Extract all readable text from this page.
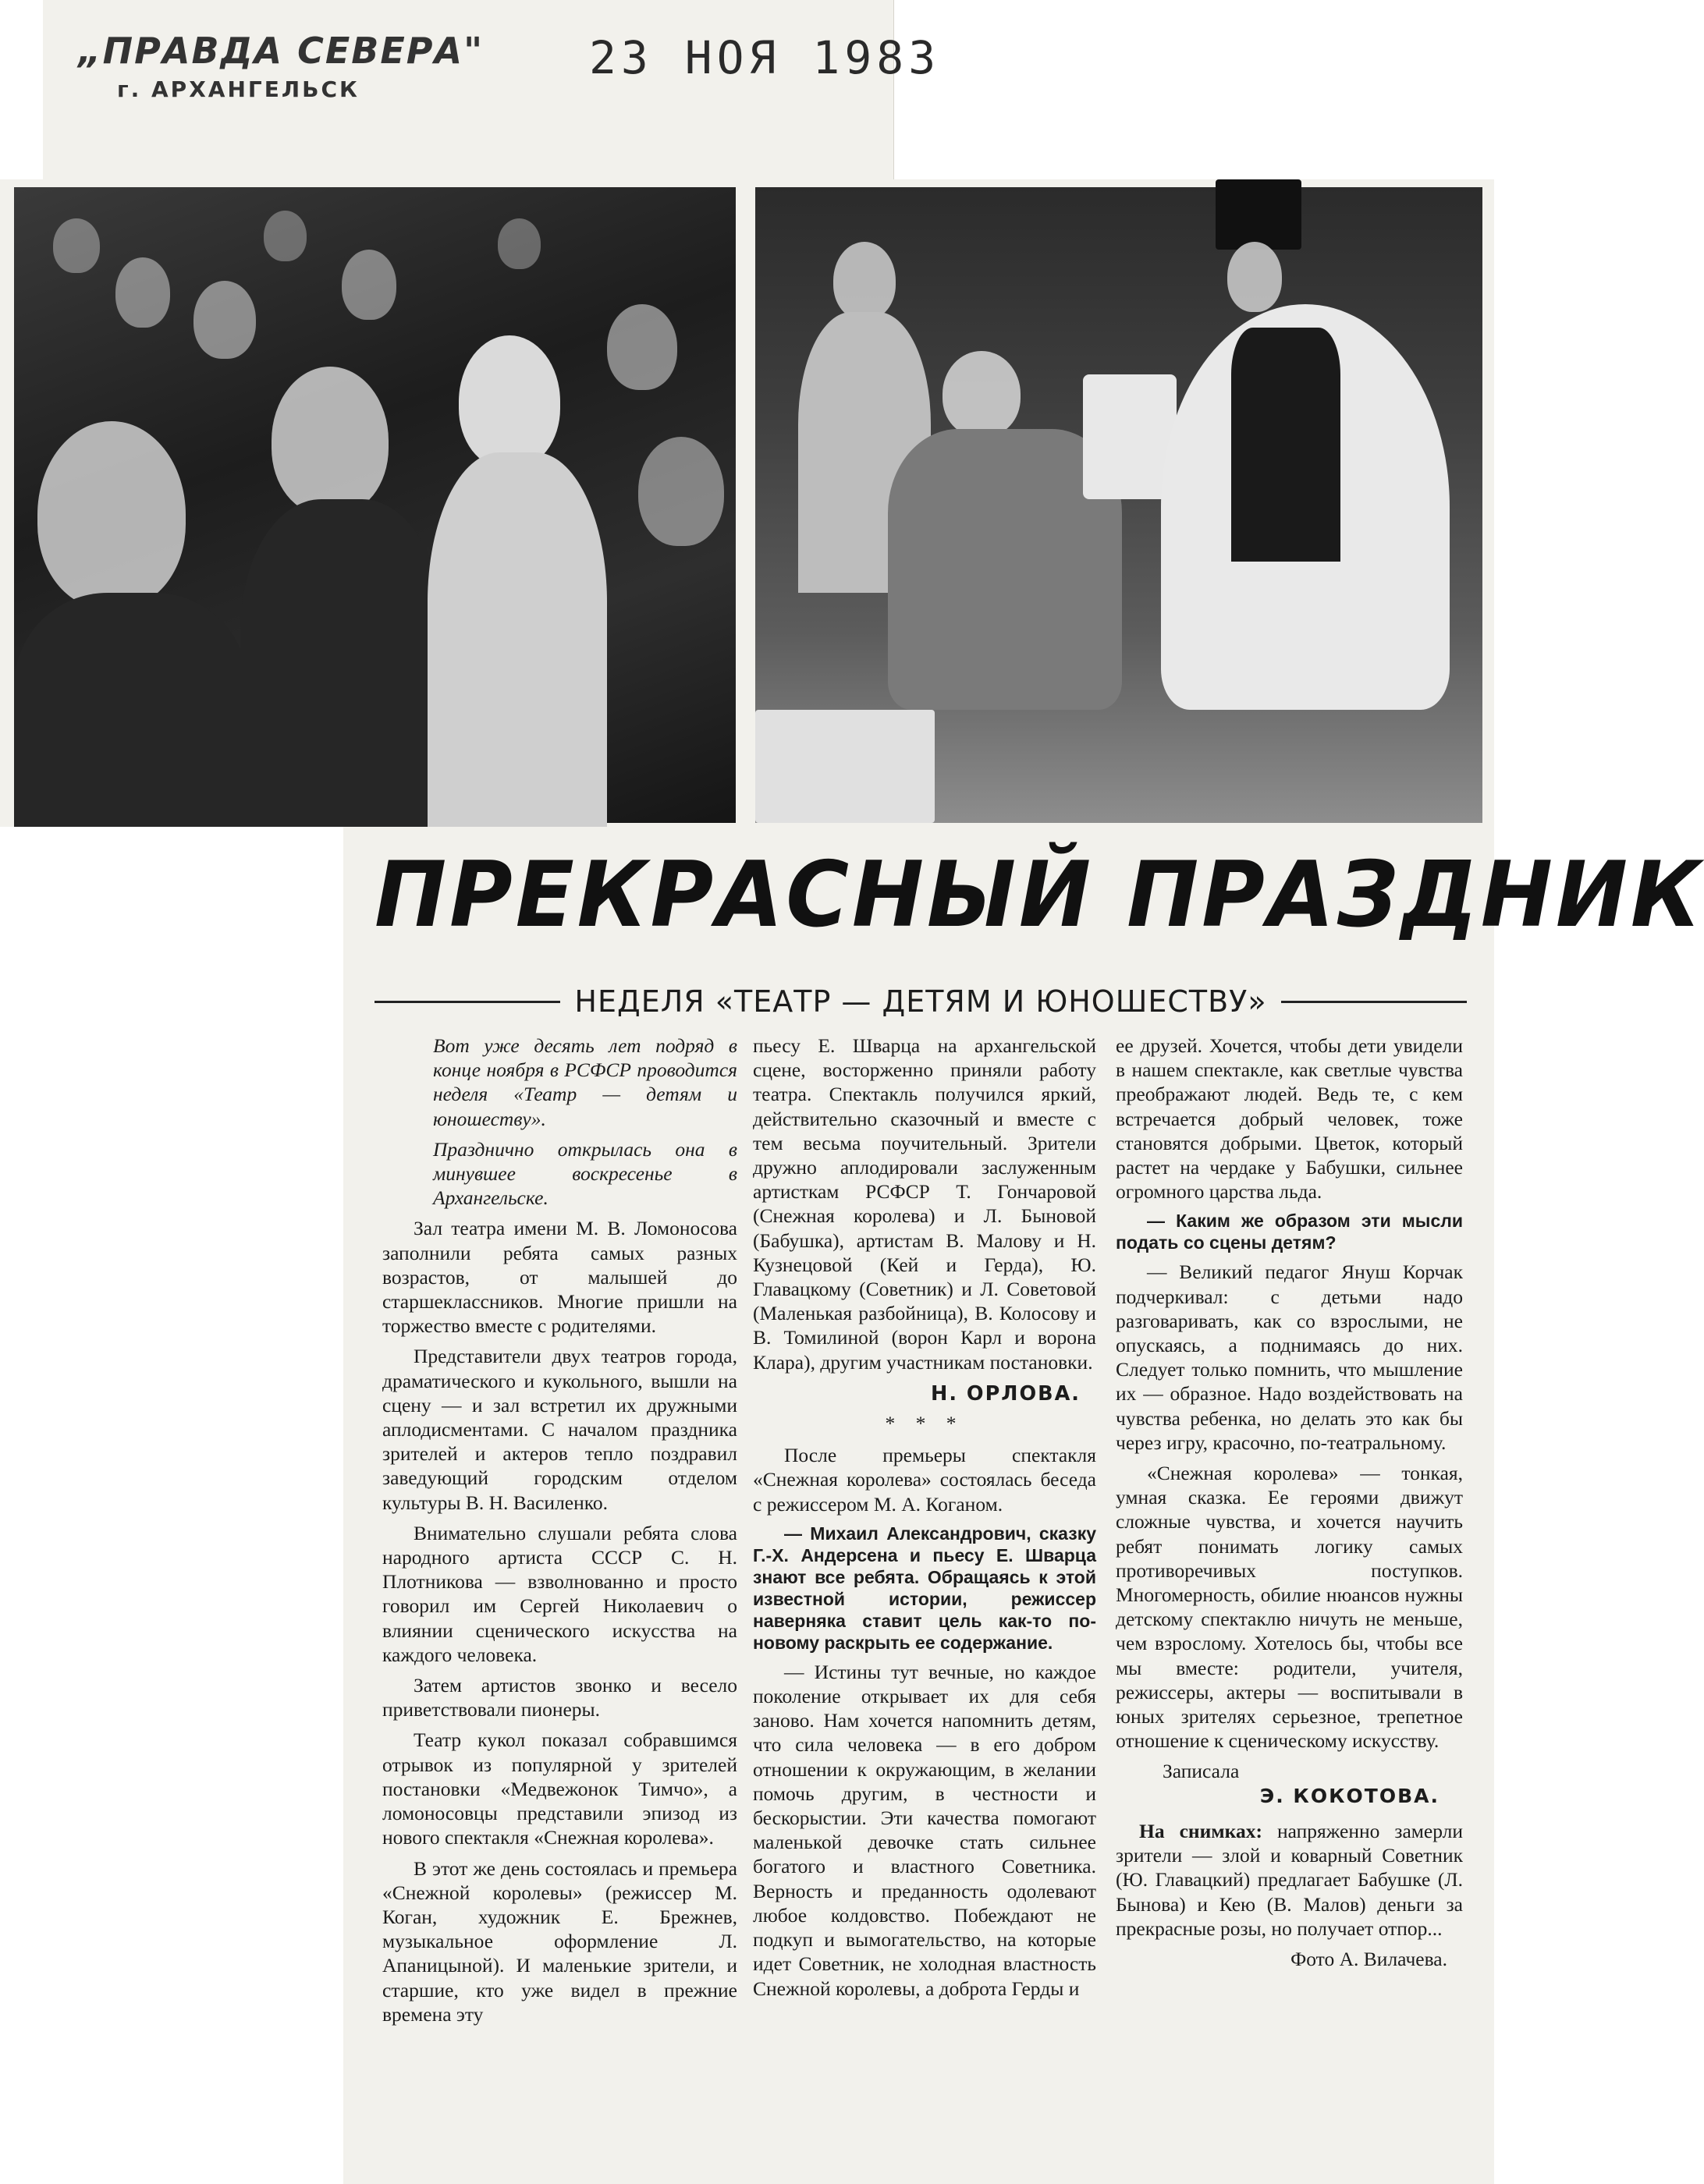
„ПРАВДА СЕВЕРА"
г. АРХАНГЕЛЬСК
23 НОЯ 1983
ПРЕКРАСНЫЙ ПРАЗДНИК
НЕДЕЛЯ «ТЕАТР — ДЕТЯМ И ЮНОШЕСТВУ»

Вот уже десять лет подряд в конце ноября в РСФСР проводится неделя «Театр — детям и юношеству».

Празднично открылась она в минувшее воскресенье в Архангельске.

Зал театра имени М. В. Ломоносова заполнили ребята самых разных возрастов, от малышей до старшеклассников. Многие пришли на торжество вместе с родителями.

Представители двух театров города, драматического и кукольного, вышли на сцену — и зал встретил их дружными аплодисментами. С началом праздника зрителей и актеров тепло поздравил заведующий городским отделом культуры В. Н. Василенко.

Внимательно слушали ребята слова народного артиста СССР С. Н. Плотникова — взволнованно и просто говорил им Сергей Николаевич о влиянии сценического искусства на каждого человека.

Затем артистов звонко и весело приветствовали пионеры.

Театр кукол показал собравшимся отрывок из популярной у зрителей постановки «Медвежонок Тимчо», а ломоносовцы представили эпизод из нового спектакля «Снежная королева».

В этот же день состоялась и премьера «Снежной королевы» (режиссер М. Коган, художник Е. Брежнев, музыкальное оформление Л. Апаницыной). И маленькие зрители, и старшие, кто уже видел в прежние времена эту

пьесу Е. Шварца на архангельской сцене, восторженно приняли работу театра. Спектакль получился яркий, действительно сказочный и вместе с тем весьма поучительный. Зрители дружно аплодировали заслуженным артисткам РСФСР Т. Гончаровой (Снежная королева) и Л. Быновой (Бабушка), артистам В. Малову и Н. Кузнецовой (Кей и Герда), Ю. Главацкому (Советник) и Л. Советовой (Маленькая разбойница), В. Колосову и В. Томилиной (ворон Карл и ворона Клара), другим участникам постановки.

Н. ОРЛОВА.
* * *

После премьеры спектакля «Снежная королева» состоялась беседа с режиссером М. А. Коганом.

— Михаил Александрович, сказку Г.-Х. Андерсена и пьесу Е. Шварца знают все ребята. Обращаясь к этой известной истории, режиссер наверняка ставит цель как-то по-новому раскрыть ее содержание.

— Истины тут вечные, но каждое поколение открывает их для себя заново. Нам хочется напомнить детям, что сила человека — в его добром отношении к окружающим, в желании помочь другим, в честности и бескорыстии. Эти качества помогают маленькой девочке стать сильнее богатого и властного Советника. Верность и преданность одолевают любое колдовство. Побеждают не подкуп и вымогательство, на которые идет Советник, не холодная властность Снежной королевы, а доброта Герды и

ее друзей. Хочется, чтобы дети увидели в нашем спектакле, как светлые чувства преображают людей. Ведь те, с кем встречается добрый человек, тоже становятся добрыми. Цветок, который растет на чердаке у Бабушки, сильнее огромного царства льда.

— Каким же образом эти мысли подать со сцены детям?

— Великий педагог Януш Корчак подчеркивал: с детьми надо разговаривать, как со взрослыми, не опускаясь, а поднимаясь до них. Следует только помнить, что мышление их — образное. Надо воздействовать на чувства ребенка, но делать это как бы через игру, красочно, по-театральному.

«Снежная королева» — тонкая, умная сказка. Ее героями движут сложные чувства, и хочется научить ребят понимать логику самых противоречивых поступков. Многомерность, обилие нюансов нужны детскому спектаклю ничуть не меньше, чем взрослому. Хотелось бы, чтобы все мы вместе: родители, учителя, режиссеры, актеры — воспитывали в юных зрителях серьезное, трепетное отношение к сценическому искусству.

Записала
Э. КОКОТОВА.

На снимках: напряженно замерли зрители — злой и коварный Советник (Ю. Главацкий) предлагает Бабушке (Л. Бынова) и Кею (В. Малов) деньги за прекрасные розы, но получает отпор...

Фото А. Вилачева.
